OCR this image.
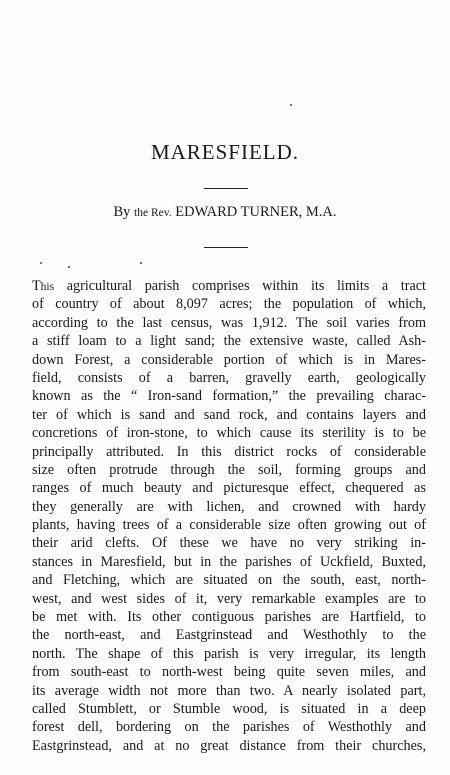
MARESFIELD.
By the Rev. EDWARD TURNER, M.A.
This agricultural parish comprises within its limits a tract
of country of about 8,097 acres; the population of which,
according to the last census, was 1,912. The soil varies from
a stiff loam to a light sand; the extensive waste, called Ash-
down Forest, a considerable portion of which is in Mares-
field, consists of a barren, gravelly earth, geologically
known as the “ Iron-sand formation,” the prevailing charac-
ter of which is sand and sand rock, and contains layers and
concretions of iron-stone, to which cause its sterility is to be
principally attributed. In this district rocks of considerable
size often protrude through the soil, forming groups and
ranges of much beauty and picturesque effect, chequered as
they generally are with lichen, and crowned with hardy
plants, having trees of a considerable size often growing out of
their arid clefts. Of these we have no very striking in-
stances in Maresfield, but in the parishes of Uckfield, Buxted,
and Fletching, which are situated on the south, east, north-
west, and west sides of it, very remarkable examples are to
be met with. Its other contiguous parishes are Hartfield, to
the north-east, and Eastgrinstead and Westhothly to the
north. The shape of this parish is very irregular, its length
from south-east to north-west being quite seven miles, and
its average width not more than two. A nearly isolated part,
called Stumblett, or Stumble wood, is situated in a deep
forest dell, bordering on the parishes of Westhothly and
Eastgrinstead, and at no great distance from their churches,
